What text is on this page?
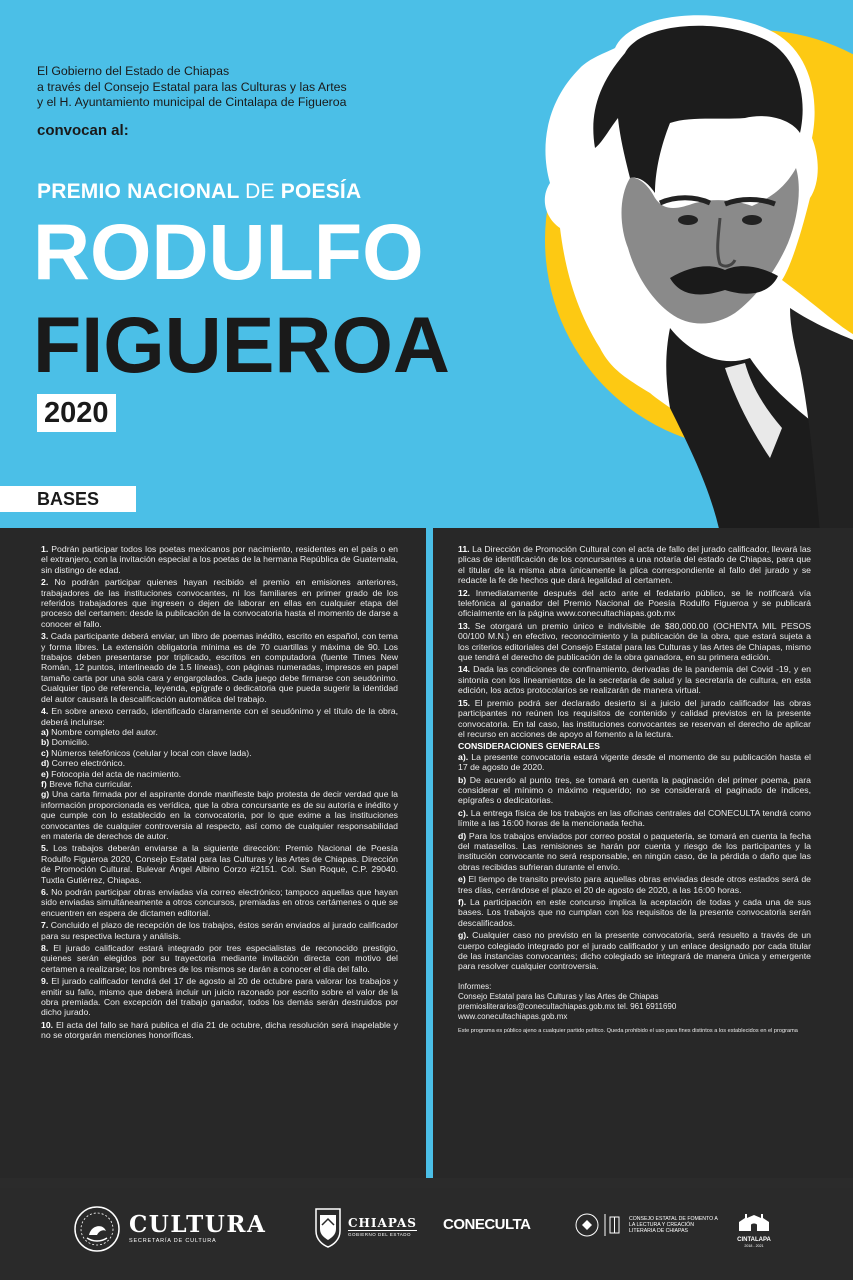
El Gobierno del Estado de Chiapas
a través del Consejo Estatal para las Culturas y las Artes
y el H. Ayuntamiento municipal de Cintalapa de Figueroa
convocan al:
PREMIO NACIONAL DE POESÍA
RODULFO
FIGUEROA
2020
BASES

1. Podrán participar todos los poetas mexicanos por nacimiento, residentes en el país o en el extranjero, con la invitación especial a los poetas de la hermana República de Guatemala, sin distingo de edad.

2. No podrán participar quienes hayan recibido el premio en emisiones anteriores, trabajadores de las instituciones convocantes, ni los familiares en primer grado de los referidos trabajadores que ingresen o dejen de laborar en ellas en cualquier etapa del proceso del certamen: desde la publicación de la convocatoria hasta el momento de darse a conocer el fallo.

3. Cada participante deberá enviar, un libro de poemas inédito, escrito en español, con tema y forma libres. La extensión obligatoria mínima es de 70 cuartillas y máxima de 90. Los trabajos deben presentarse por triplicado, escritos en computadora (fuente Times New Román, 12 puntos, interlineado de 1.5 líneas), con páginas numeradas, impresos en papel tamaño carta por una sola cara y engargolados. Cada juego debe firmarse con seudónimo. Cualquier tipo de referencia, leyenda, epígrafe o dedicatoria que pueda sugerir la identidad del autor causará la descalificación automática del trabajo.

4. En sobre anexo cerrado, identificado claramente con el seudónimo y el título de la obra, deberá incluirse:

a) Nombre completo del autor.

b) Domicilio.

c) Números telefónicos (celular y local con clave lada).

d) Correo electrónico.

e) Fotocopia del acta de nacimiento.

f) Breve ficha curricular.

g) Una carta firmada por el aspirante donde manifieste bajo protesta de decir verdad que la información proporcionada es verídica, que la obra concursante es de su autoría e inédito y que cumple con lo establecido en la convocatoria, por lo que exime a las instituciones convocantes de cualquier controversia al respecto, así como de cualquier responsabilidad en materia de derechos de autor.

5. Los trabajos deberán enviarse a la siguiente dirección: Premio Nacional de Poesía Rodulfo Figueroa 2020, Consejo Estatal para las Culturas y las Artes de Chiapas. Dirección de Promoción Cultural. Bulevar Ángel Albino Corzo #2151. Col. San Roque, C.P. 29040. Tuxtla Gutiérrez, Chiapas.

6. No podrán participar obras enviadas vía correo electrónico; tampoco aquellas que hayan sido enviadas simultáneamente a otros concursos, premiadas en otros certámenes o que se encuentren en espera de dictamen editorial.

7. Concluido el plazo de recepción de los trabajos, éstos serán enviados al jurado calificador para su respectiva lectura y análisis.

8. El jurado calificador estará integrado por tres especialistas de reconocido prestigio, quienes serán elegidos por su trayectoria mediante invitación directa con motivo del certamen a realizarse; los nombres de los mismos se darán a conocer el día del fallo.

9. El jurado calificador tendrá del 17 de agosto al 20 de octubre para valorar los trabajos y emitir su fallo, mismo que deberá incluir un juicio razonado por escrito sobre el valor de la obra premiada. Con excepción del trabajo ganador, todos los demás serán destruidos por dicho jurado.

10. El acta del fallo se hará publica el día 21 de octubre, dicha resolución será inapelable y no se otorgarán menciones honoríficas.

11. La Dirección de Promoción Cultural con el acta de fallo del jurado calificador, llevará las plicas de identificación de los concursantes a una notaría del estado de Chiapas, para que el titular de la misma abra únicamente la plica correspondiente al fallo del jurado y se redacte la fe de hechos que dará legalidad al certamen.

12. Inmediatamente después del acto ante el fedatario público, se le notificará vía telefónica al ganador del Premio Nacional de Poesía Rodulfo Figueroa y se publicará oficialmente en la página www.conecultachiapas.gob.mx

13. Se otorgará un premio único e indivisible de $80,000.00 (OCHENTA MIL PESOS 00/100 M.N.) en efectivo, reconocimiento y la publicación de la obra, que estará sujeta a los criterios editoriales del Consejo Estatal para las Culturas y las Artes de Chiapas, mismo que tendrá el derecho de publicación de la obra ganadora, en su primera edición.

14. Dada las condiciones de confinamiento, derivadas de la pandemia del Covid -19, y en sintonía con los lineamientos de la secretaria de salud y la secretaria de cultura, en esta edición, los actos protocolarios se realizarán de manera virtual.

15. El premio podrá ser declarado desierto si a juicio del jurado calificador las obras participantes no reúnen los requisitos de contenido y calidad previstos en la presente convocatoria. En tal caso, las instituciones convocantes se reservan el derecho de aplicar el recurso en acciones de apoyo al fomento a la lectura.

CONSIDERACIONES GENERALES

a). La presente convocatoria estará vigente desde el momento de su publicación hasta el 17 de agosto de 2020.

b) De acuerdo al punto tres, se tomará en cuenta la paginación del primer poema, para considerar el mínimo o máximo requerido; no se considerará el paginado de índices, epígrafes o dedicatorias.

c). La entrega física de los trabajos en las oficinas centrales del CONECULTA tendrá como límite a las 16:00 horas de la mencionada fecha.

d) Para los trabajos enviados por correo postal o paquetería, se tomará en cuenta la fecha del matasellos. Las remisiones se harán por cuenta y riesgo de los participantes y la institución convocante no será responsable, en ningún caso, de la pérdida o daño que las obras recibidas sufrieran durante el envío.

e) El tiempo de transito previsto para aquellas obras enviadas desde otros estados será de tres días, cerrándose el plazo el 20 de agosto de 2020, a las 16:00 horas.

f). La participación en este concurso implica la aceptación de todas y cada una de sus bases. Los trabajos que no cumplan con los requisitos de la presente convocatoria serán descalificados.

g). Cualquier caso no previsto en la presente convocatoria, será resuelto a través de un cuerpo colegiado integrado por el jurado calificador y un enlace designado por cada titular de las instancias convocantes; dicho colegiado se integrará de manera única y emergente para resolver cualquier controversia.

Informes:
Consejo Estatal para las Culturas y las Artes de Chiapas
premiosliterarios@conecultachiapas.gob.mx tel. 961 6911690
www.conecultachiapas.gob.mx
Este programa es público ajeno a cualquier partido político. Queda prohibido el uso para fines distintos a los establecidos en el programa
CULTURA
SECRETARÍA DE CULTURA
CHIAPAS
GOBIERNO DEL ESTADO
CONECULTA	CONSEJO ESTATAL DE FOMENTO A LA LECTURA Y CREACIÓN LITERARIA DE CHIAPAS
CINTALAPA
2018 - 2021
